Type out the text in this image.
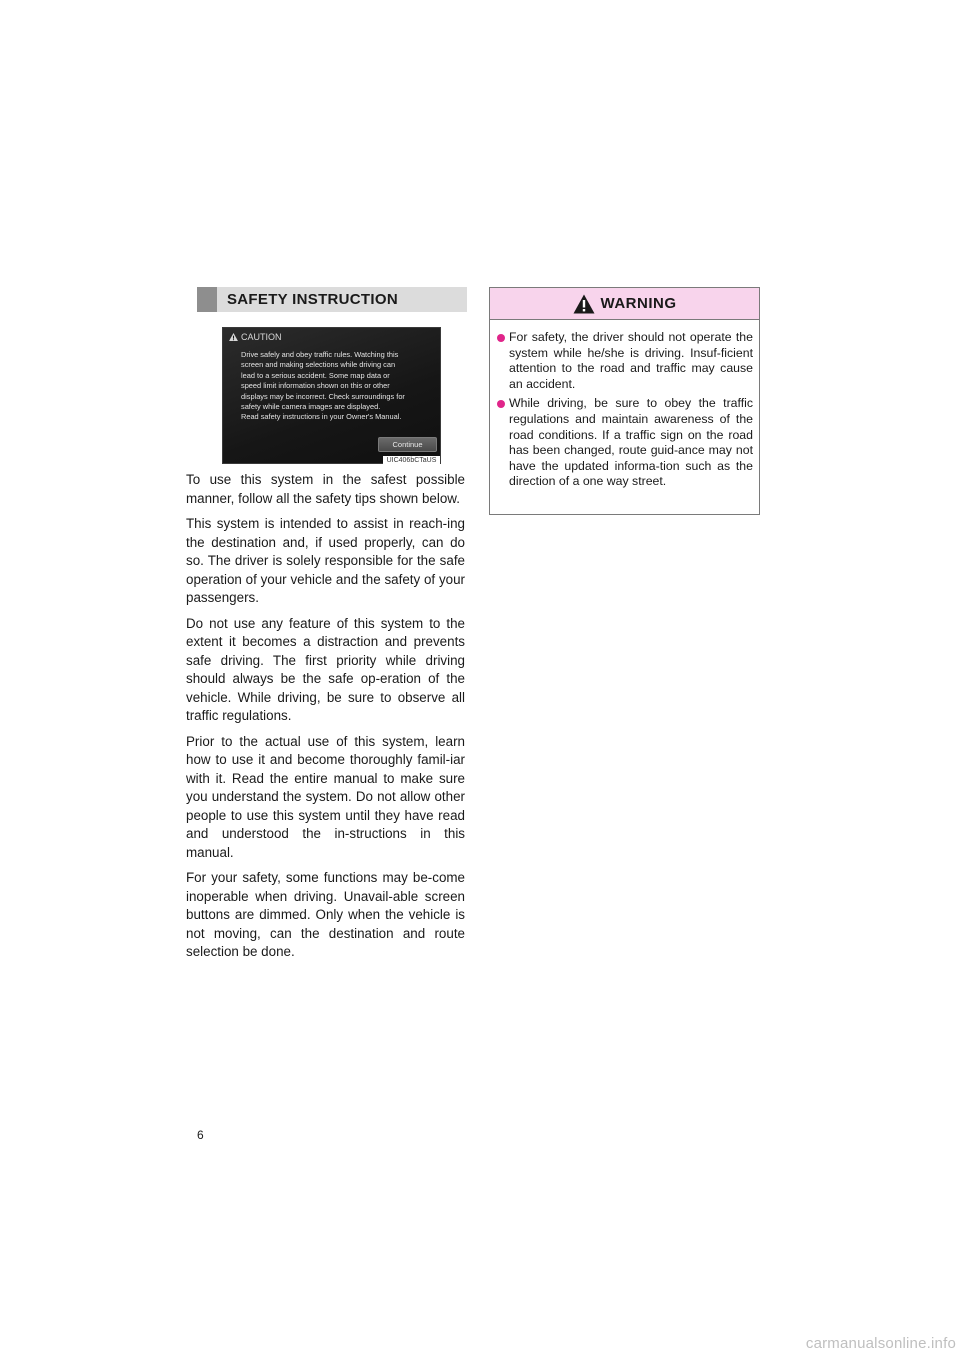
SAFETY INSTRUCTION
CAUTION

Drive safely and obey traffic rules. Watching this
screen and making selections while driving can
lead to a serious accident. Some map data or
speed limit information shown on this or other
displays may be incorrect. Check surroundings for
safety while camera images are displayed.
Read safety instructions in your Owner's Manual.

Continue
UIC406bCTaUS

To use this system in the safest possible manner, follow all the safety tips shown below.

This system is intended to assist in reach-ing the destination and, if used properly, can do so. The driver is solely responsible for the safe operation of your vehicle and the safety of your passengers.

Do not use any feature of this system to the extent it becomes a distraction and prevents safe driving. The first priority while driving should always be the safe op-eration of the vehicle. While driving, be sure to observe all traffic regulations.

Prior to the actual use of this system, learn how to use it and become thoroughly famil-iar with it. Read the entire manual to make sure you understand the system. Do not allow other people to use this system until they have read and understood the in-structions in this manual.

For your safety, some functions may be-come inoperable when driving. Unavail-able screen buttons are dimmed. Only when the vehicle is not moving, can the destination and route selection be done.

WARNING
For safety, the driver should not operate the system while he/she is driving. Insuf-ficient attention to the road and traffic may cause an accident.
While driving, be sure to obey the traffic regulations and maintain awareness of the road conditions. If a traffic sign on the road has been changed, route guid-ance may not have the updated informa-tion such as the direction of a one way street.
6
carmanualsonline.info
